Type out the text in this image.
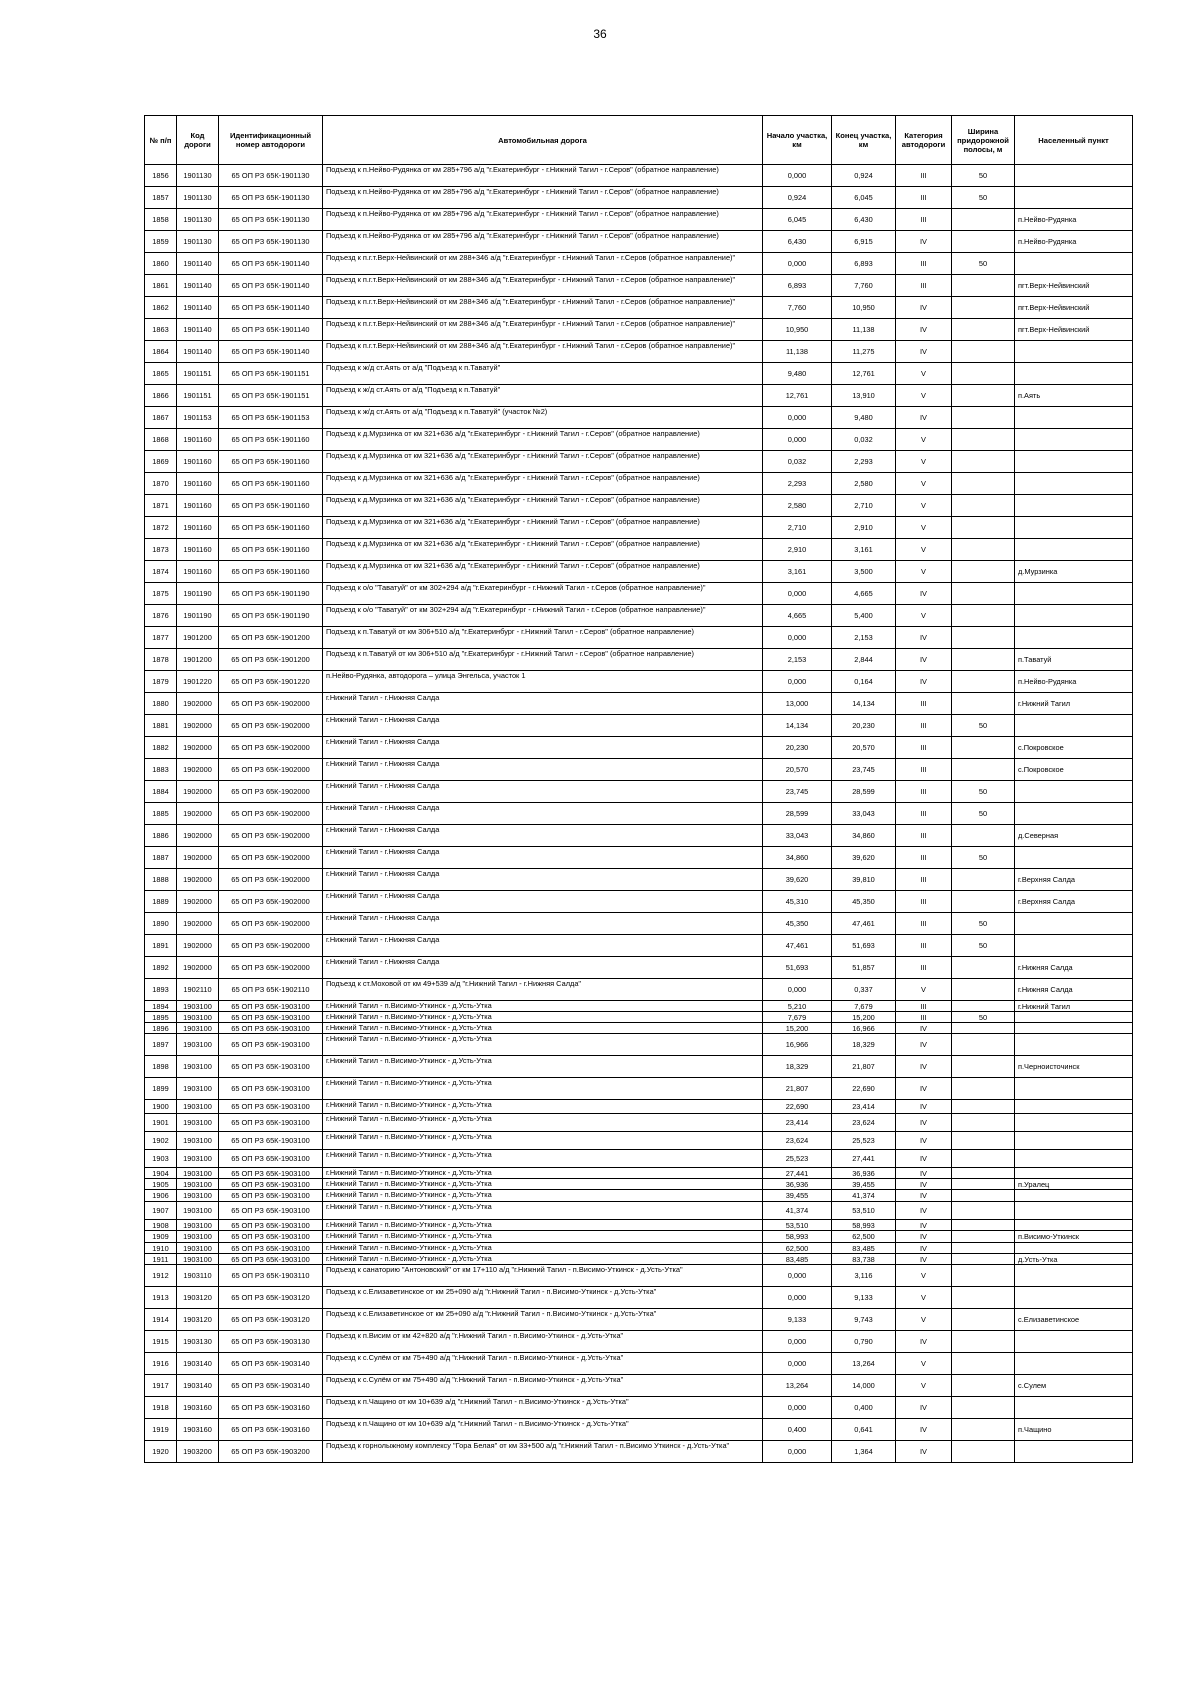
36
№ п/п	Код дороги	Идентификационный номер автодороги	Автомобильная дорога	Начало участка, км	Конец участка, км	Категория автодороги	Ширина придорожной полосы, м	Населенный пункт
1856	1901130	65 ОП РЗ 65К-1901130	Подъезд к п.Нейво-Рудянка от км 285+796 а/д "г.Екатеринбург - г.Нижний Тагил - г.Серов" (обратное направление)	0,000	0,924	III	50	
1857	1901130	65 ОП РЗ 65К-1901130	Подъезд к п.Нейво-Рудянка от км 285+796 а/д "г.Екатеринбург - г.Нижний Тагил - г.Серов" (обратное направление)	0,924	6,045	III	50	
1858	1901130	65 ОП РЗ 65К-1901130	Подъезд к п.Нейво-Рудянка от км 285+796 а/д "г.Екатеринбург - г.Нижний Тагил - г.Серов" (обратное направление)	6,045	6,430	III		п.Нейво-Рудянка
1859	1901130	65 ОП РЗ 65К-1901130	Подъезд к п.Нейво-Рудянка от км 285+796 а/д "г.Екатеринбург - г.Нижний Тагил - г.Серов" (обратное направление)	6,430	6,915	IV		п.Нейво-Рудянка
1860	1901140	65 ОП РЗ 65К-1901140	Подъезд к п.г.т.Верх-Нейвинский от км 288+346 а/д "г.Екатеринбург - г.Нижний Тагил - г.Серов (обратное направление)"	0,000	6,893	III	50	
1861	1901140	65 ОП РЗ 65К-1901140	Подъезд к п.г.т.Верх-Нейвинский от км 288+346 а/д "г.Екатеринбург - г.Нижний Тагил - г.Серов (обратное направление)"	6,893	7,760	III		пгт.Верх-Нейвинский
1862	1901140	65 ОП РЗ 65К-1901140	Подъезд к п.г.т.Верх-Нейвинский от км 288+346 а/д "г.Екатеринбург - г.Нижний Тагил - г.Серов (обратное направление)"	7,760	10,950	IV		пгт.Верх-Нейвинский
1863	1901140	65 ОП РЗ 65К-1901140	Подъезд к п.г.т.Верх-Нейвинский от км 288+346 а/д "г.Екатеринбург - г.Нижний Тагил - г.Серов (обратное направление)"	10,950	11,138	IV		пгт.Верх-Нейвинский
1864	1901140	65 ОП РЗ 65К-1901140	Подъезд к п.г.т.Верх-Нейвинский от км 288+346 а/д "г.Екатеринбург - г.Нижний Тагил - г.Серов (обратное направление)"	11,138	11,275	IV		
1865	1901151	65 ОП РЗ 65К-1901151	Подъезд к ж/д ст.Аять от а/д "Подъезд к п.Таватуй"	9,480	12,761	V		
1866	1901151	65 ОП РЗ 65К-1901151	Подъезд к ж/д ст.Аять от а/д "Подъезд к п.Таватуй"	12,761	13,910	V		п.Аять
1867	1901153	65 ОП РЗ 65К-1901153	Подъезд к ж/д ст.Аять от а/д "Подъезд к п.Таватуй" (участок №2)	0,000	9,480	IV		
1868	1901160	65 ОП РЗ 65К-1901160	Подъезд к д.Мурзинка от км 321+636 а/д "г.Екатеринбург - г.Нижний Тагил - г.Серов" (обратное направление)	0,000	0,032	V		
1869	1901160	65 ОП РЗ 65К-1901160	Подъезд к д.Мурзинка от км 321+636 а/д "г.Екатеринбург - г.Нижний Тагил - г.Серов" (обратное направление)	0,032	2,293	V		
1870	1901160	65 ОП РЗ 65К-1901160	Подъезд к д.Мурзинка от км 321+636 а/д "г.Екатеринбург - г.Нижний Тагил - г.Серов" (обратное направление)	2,293	2,580	V		
1871	1901160	65 ОП РЗ 65К-1901160	Подъезд к д.Мурзинка от км 321+636 а/д "г.Екатеринбург - г.Нижний Тагил - г.Серов" (обратное направление)	2,580	2,710	V		
1872	1901160	65 ОП РЗ 65К-1901160	Подъезд к д.Мурзинка от км 321+636 а/д "г.Екатеринбург - г.Нижний Тагил - г.Серов" (обратное направление)	2,710	2,910	V		
1873	1901160	65 ОП РЗ 65К-1901160	Подъезд к д.Мурзинка от км 321+636 а/д "г.Екатеринбург - г.Нижний Тагил - г.Серов" (обратное направление)	2,910	3,161	V		
1874	1901160	65 ОП РЗ 65К-1901160	Подъезд к д.Мурзинка от км 321+636 а/д "г.Екатеринбург - г.Нижний Тагил - г.Серов" (обратное направление)	3,161	3,500	V		д.Мурзинка
1875	1901190	65 ОП РЗ 65К-1901190	Подъезд к о/о "Таватуй" от км 302+294 а/д "г.Екатеринбург - г.Нижний Тагил - г.Серов (обратное направление)"	0,000	4,665	IV		
1876	1901190	65 ОП РЗ 65К-1901190	Подъезд к о/о "Таватуй" от км 302+294 а/д "г.Екатеринбург - г.Нижний Тагил - г.Серов (обратное направление)"	4,665	5,400	V		
1877	1901200	65 ОП РЗ 65К-1901200	Подъезд к п.Таватуй от км 306+510 а/д "г.Екатеринбург - г.Нижний Тагил - г.Серов" (обратное направление)	0,000	2,153	IV		
1878	1901200	65 ОП РЗ 65К-1901200	Подъезд к п.Таватуй от км 306+510 а/д "г.Екатеринбург - г.Нижний Тагил - г.Серов" (обратное направление)	2,153	2,844	IV		п.Таватуй
1879	1901220	65 ОП РЗ 65К-1901220	п.Нейво-Рудянка, автодорога – улица Энгельса, участок 1	0,000	0,164	IV		п.Нейво-Рудянка
1880	1902000	65 ОП РЗ 65К-1902000	г.Нижний Тагил - г.Нижняя Салда	13,000	14,134	III		г.Нижний Тагил
1881	1902000	65 ОП РЗ 65К-1902000	г.Нижний Тагил - г.Нижняя Салда	14,134	20,230	III	50	
1882	1902000	65 ОП РЗ 65К-1902000	г.Нижний Тагил - г.Нижняя Салда	20,230	20,570	III		с.Покровское
1883	1902000	65 ОП РЗ 65К-1902000	г.Нижний Тагил - г.Нижняя Салда	20,570	23,745	III		с.Покровское
1884	1902000	65 ОП РЗ 65К-1902000	г.Нижний Тагил - г.Нижняя Салда	23,745	28,599	III	50	
1885	1902000	65 ОП РЗ 65К-1902000	г.Нижний Тагил - г.Нижняя Салда	28,599	33,043	III	50	
1886	1902000	65 ОП РЗ 65К-1902000	г.Нижний Тагил - г.Нижняя Салда	33,043	34,860	III		д.Северная
1887	1902000	65 ОП РЗ 65К-1902000	г.Нижний Тагил - г.Нижняя Салда	34,860	39,620	III	50	
1888	1902000	65 ОП РЗ 65К-1902000	г.Нижний Тагил - г.Нижняя Салда	39,620	39,810	III		г.Верхняя Салда
1889	1902000	65 ОП РЗ 65К-1902000	г.Нижний Тагил - г.Нижняя Салда	45,310	45,350	III		г.Верхняя Салда
1890	1902000	65 ОП РЗ 65К-1902000	г.Нижний Тагил - г.Нижняя Салда	45,350	47,461	III	50	
1891	1902000	65 ОП РЗ 65К-1902000	г.Нижний Тагил - г.Нижняя Салда	47,461	51,693	III	50	
1892	1902000	65 ОП РЗ 65К-1902000	г.Нижний Тагил - г.Нижняя Салда	51,693	51,857	III		г.Нижняя Салда
1893	1902110	65 ОП РЗ 65К-1902110	Подъезд к ст.Моховой от км 49+539 а/д "г.Нижний Тагил - г.Нижняя Салда"	0,000	0,337	V		г.Нижняя Салда
1894	1903100	65 ОП РЗ 65К-1903100	г.Нижний Тагил - п.Висимо-Уткинск - д.Усть-Утка	5,210	7,679	III		г.Нижний Тагил
1895	1903100	65 ОП РЗ 65К-1903100	г.Нижний Тагил - п.Висимо-Уткинск - д.Усть-Утка	7,679	15,200	III	50	
1896	1903100	65 ОП РЗ 65К-1903100	г.Нижний Тагил - п.Висимо-Уткинск - д.Усть-Утка	15,200	16,966	IV		
1897	1903100	65 ОП РЗ 65К-1903100	г.Нижний Тагил - п.Висимо-Уткинск - д.Усть-Утка	16,966	18,329	IV		
1898	1903100	65 ОП РЗ 65К-1903100	г.Нижний Тагил - п.Висимо-Уткинск - д.Усть-Утка	18,329	21,807	IV		п.Черноисточинск
1899	1903100	65 ОП РЗ 65К-1903100	г.Нижний Тагил - п.Висимо-Уткинск - д.Усть-Утка	21,807	22,690	IV		
1900	1903100	65 ОП РЗ 65К-1903100	г.Нижний Тагил - п.Висимо-Уткинск - д.Усть-Утка	22,690	23,414	IV		
1901	1903100	65 ОП РЗ 65К-1903100	г.Нижний Тагил - п.Висимо-Уткинск - д.Усть-Утка	23,414	23,624	IV		
1902	1903100	65 ОП РЗ 65К-1903100	г.Нижний Тагил - п.Висимо-Уткинск - д.Усть-Утка	23,624	25,523	IV		
1903	1903100	65 ОП РЗ 65К-1903100	г.Нижний Тагил - п.Висимо-Уткинск - д.Усть-Утка	25,523	27,441	IV		
1904	1903100	65 ОП РЗ 65К-1903100	г.Нижний Тагил - п.Висимо-Уткинск - д.Усть-Утка	27,441	36,936	IV		
1905	1903100	65 ОП РЗ 65К-1903100	г.Нижний Тагил - п.Висимо-Уткинск - д.Усть-Утка	36,936	39,455	IV		п.Уралец
1906	1903100	65 ОП РЗ 65К-1903100	г.Нижний Тагил - п.Висимо-Уткинск - д.Усть-Утка	39,455	41,374	IV		
1907	1903100	65 ОП РЗ 65К-1903100	г.Нижний Тагил - п.Висимо-Уткинск - д.Усть-Утка	41,374	53,510	IV		
1908	1903100	65 ОП РЗ 65К-1903100	г.Нижний Тагил - п.Висимо-Уткинск - д.Усть-Утка	53,510	58,993	IV		
1909	1903100	65 ОП РЗ 65К-1903100	г.Нижний Тагил - п.Висимо-Уткинск - д.Усть-Утка	58,993	62,500	IV		п.Висимо-Уткинск
1910	1903100	65 ОП РЗ 65К-1903100	г.Нижний Тагил - п.Висимо-Уткинск - д.Усть-Утка	62,500	83,485	IV		
1911	1903100	65 ОП РЗ 65К-1903100	г.Нижний Тагил - п.Висимо-Уткинск - д.Усть-Утка	83,485	83,738	IV		д.Усть-Утка
1912	1903110	65 ОП РЗ 65К-1903110	Подъезд к санаторию "Антоновский" от км 17+110 а/д "г.Нижний Тагил - п.Висимо-Уткинск - д.Усть-Утка"	0,000	3,116	V		
1913	1903120	65 ОП РЗ 65К-1903120	Подъезд к с.Елизаветинское от км 25+090 а/д "г.Нижний Тагил - п.Висимо-Уткинск - д.Усть-Утка"	0,000	9,133	V		
1914	1903120	65 ОП РЗ 65К-1903120	Подъезд к с.Елизаветинское от км 25+090 а/д "г.Нижний Тагил - п.Висимо-Уткинск - д.Усть-Утка"	9,133	9,743	V		с.Елизаветинское
1915	1903130	65 ОП РЗ 65К-1903130	Подъезд к п.Висим от км 42+820 а/д "г.Нижний Тагил - п.Висимо-Уткинск - д.Усть-Утка"	0,000	0,790	IV		
1916	1903140	65 ОП РЗ 65К-1903140	Подъезд к с.Сулём от км 75+490 а/д "г.Нижний Тагил - п.Висимо-Уткинск - д.Усть-Утка"	0,000	13,264	V		
1917	1903140	65 ОП РЗ 65К-1903140	Подъезд к с.Сулём от км 75+490 а/д "г.Нижний Тагил - п.Висимо-Уткинск - д.Усть-Утка"	13,264	14,000	V		с.Сулем
1918	1903160	65 ОП РЗ 65К-1903160	Подъезд к п.Чащино от км 10+639 а/д "г.Нижний Тагил - п.Висимо-Уткинск - д.Усть-Утка"	0,000	0,400	IV		
1919	1903160	65 ОП РЗ 65К-1903160	Подъезд к п.Чащино от км 10+639 а/д "г.Нижний Тагил - п.Висимо-Уткинск - д.Усть-Утка"	0,400	0,641	IV		п.Чащино
1920	1903200	65 ОП РЗ 65К-1903200	Подъезд к горнолыжному комплексу "Гора Белая" от км 33+500 а/д "г.Нижний Тагил - п.Висимо Уткинск - д.Усть-Утка"	0,000	1,364	IV		
